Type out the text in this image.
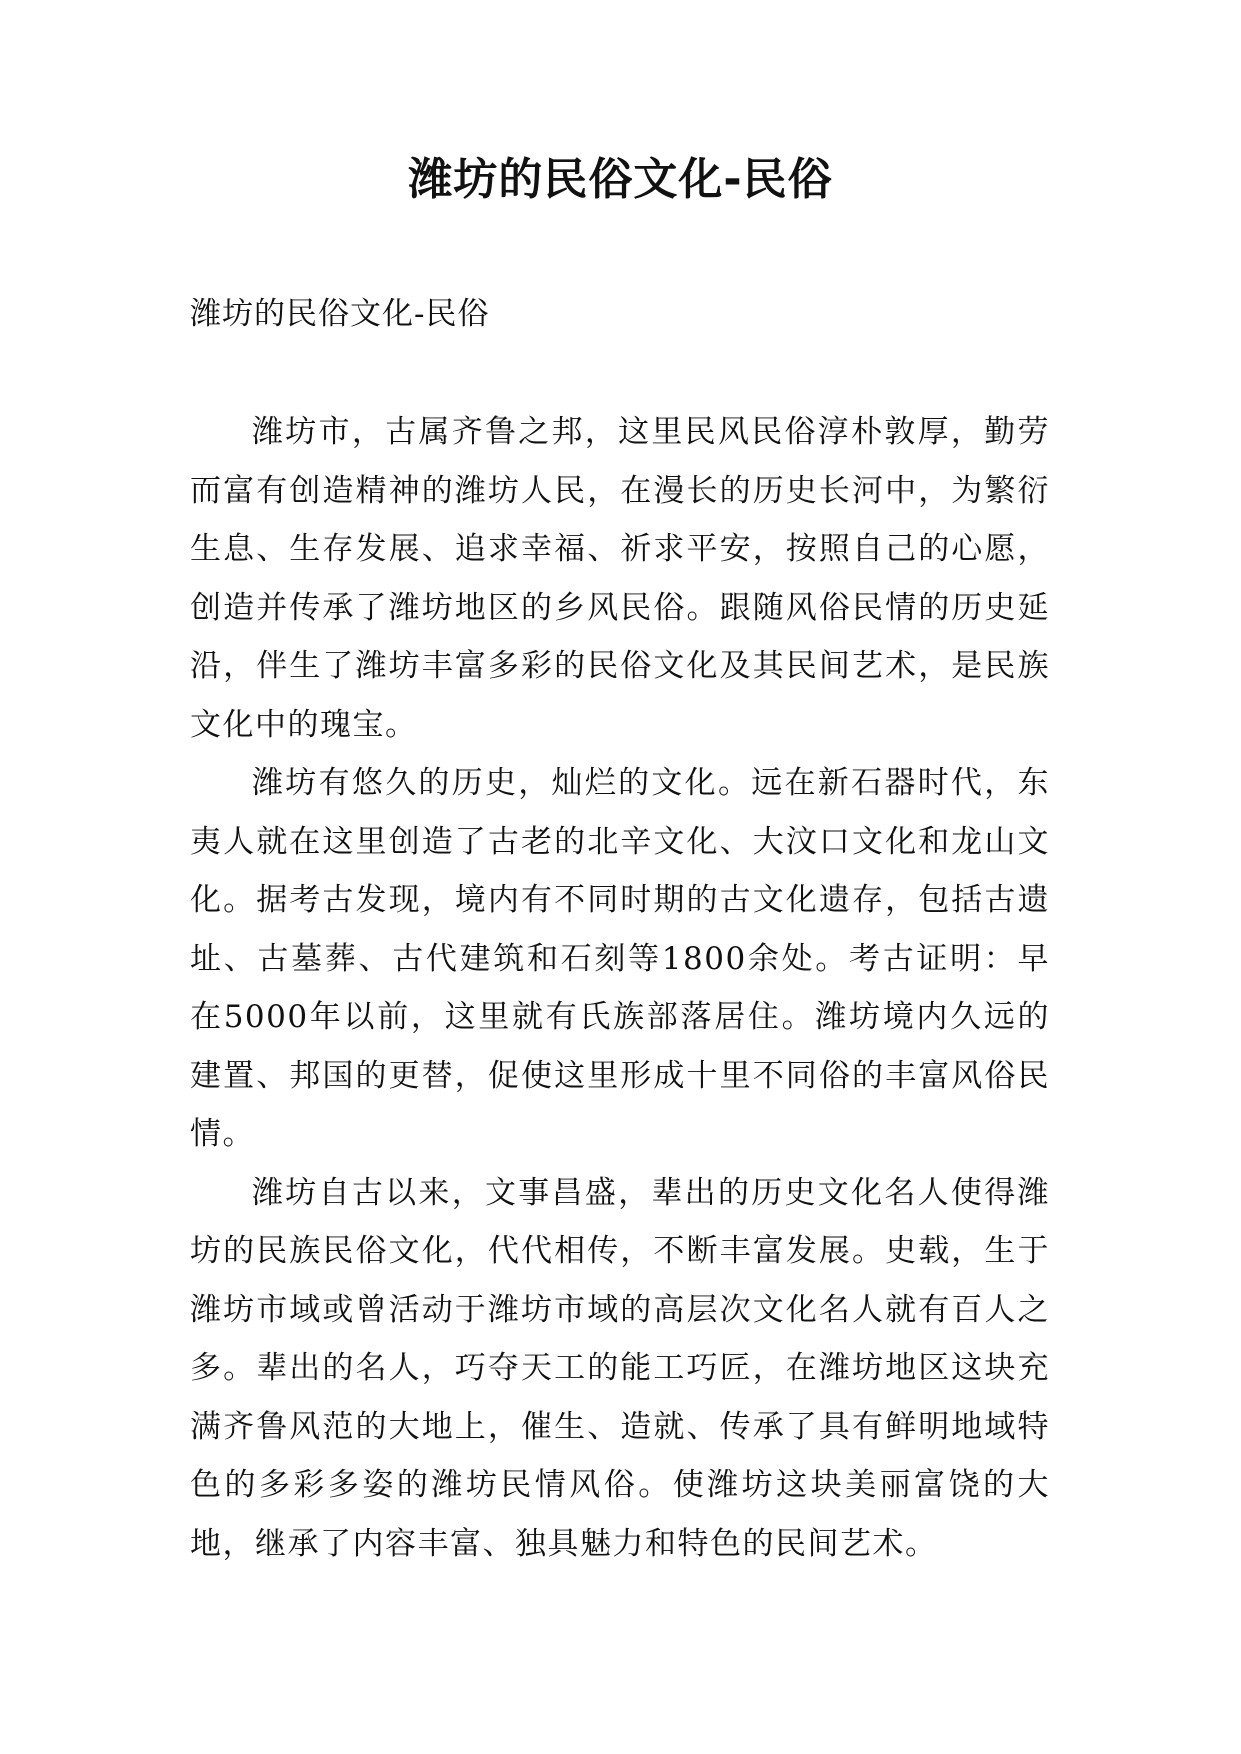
潍坊的民俗文化-民俗
潍坊的民俗文化-民俗

潍坊市，古属齐鲁之邦，这里民风民俗淳朴敦厚，勤劳而富有创造精神的潍坊人民，在漫长的历史长河中，为繁衍生息、生存发展、追求幸福、祈求平安，按照自己的心愿，创造并传承了潍坊地区的乡风民俗。跟随风俗民情的历史延沿，伴生了潍坊丰富多彩的民俗文化及其民间艺术，是民族文化中的瑰宝。

潍坊有悠久的历史，灿烂的文化。远在新石器时代，东夷人就在这里创造了古老的北辛文化、大汶口文化和龙山文化。据考古发现，境内有不同时期的古文化遗存，包括古遗址、古墓葬、古代建筑和石刻等1800余处。考古证明：早在5000年以前，这里就有氏族部落居住。潍坊境内久远的建置、邦国的更替，促使这里形成十里不同俗的丰富风俗民情。

潍坊自古以来，文事昌盛，辈出的历史文化名人使得潍坊的民族民俗文化，代代相传，不断丰富发展。史载，生于潍坊市域或曾活动于潍坊市域的高层次文化名人就有百人之多。辈出的名人，巧夺天工的能工巧匠，在潍坊地区这块充满齐鲁风范的大地上，催生、造就、传承了具有鲜明地域特色的多彩多姿的潍坊民情风俗。使潍坊这块美丽富饶的大地，继承了内容丰富、独具魅力和特色的民间艺术。
